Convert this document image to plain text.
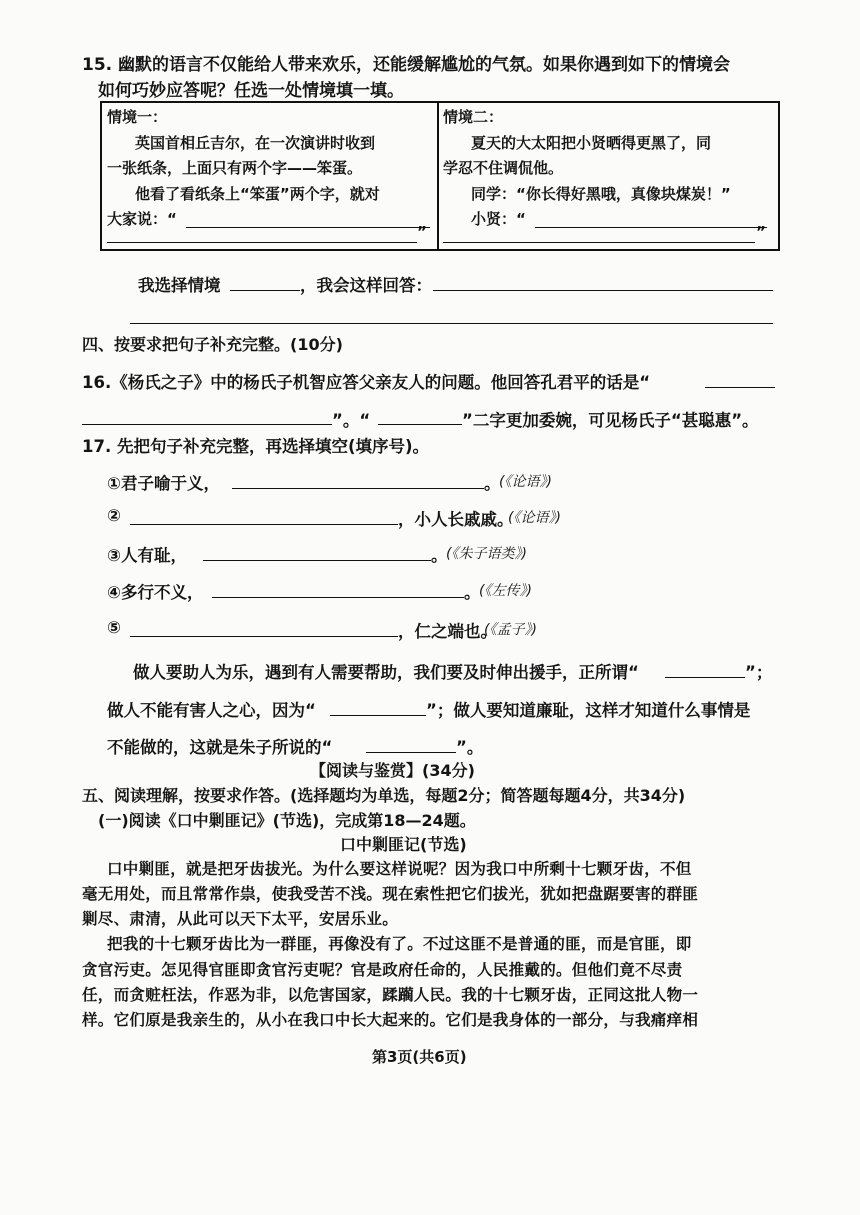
15. 幽默的语言不仅能给人带来欢乐，还能缓解尴尬的气氛。如果你遇到如下的情境会
如何巧妙应答呢？任选一处情境填一填。
情境一：
英国首相丘吉尔，在一次演讲时收到
一张纸条，上面只有两个字——笨蛋。
他看了看纸条上“笨蛋”两个字，就对
大家说：“
”
情境二：
夏天的大太阳把小贤晒得更黑了，同
学忍不住调侃他。
同学：“你长得好黑哦，真像块煤炭！”
小贤：“
”
我选择情境	，我会这样回答：
四、按要求把句子补充完整。(10分)
16.《杨氏之子》中的杨氏子机智应答父亲友人的问题。他回答孔君平的话是“
”。“	”二字更加委婉，可见杨氏子“甚聪惠”。
17. 先把句子补充完整，再选择填空(填序号)。
①君子喻于义，	。
(《论语》)
②	，小人长戚戚。
(《论语》)
③人有耻，	。
(《朱子语类》)
④多行不义，	。
(《左传》)
⑤	，仁之端也。
(《孟子》)
做人要助人为乐，遇到有人需要帮助，我们要及时伸出援手，正所谓“	”；
做人不能有害人之心，因为“	”；做人要知道廉耻，这样才知道什么事情是
不能做的，这就是朱子所说的“	”。
【阅读与鉴赏】(34分)
五、阅读理解，按要求作答。(选择题均为单选，每题2分；简答题每题4分，共34分)
(一)阅读《口中剿匪记》(节选)，完成第18—24题。
口中剿匪记(节选)
口中剿匪，就是把牙齿拔光。为什么要这样说呢？因为我口中所剩十七颗牙齿，不但
毫无用处，而且常常作祟，使我受苦不浅。现在索性把它们拔光，犹如把盘踞要害的群匪
剿尽、肃清，从此可以天下太平，安居乐业。
把我的十七颗牙齿比为一群匪，再像没有了。不过这匪不是普通的匪，而是官匪，即
贪官污吏。怎见得官匪即贪官污吏呢？官是政府任命的，人民推戴的。但他们竟不尽责
任，而贪赃枉法，作恶为非，以危害国家，蹂躏人民。我的十七颗牙齿，正同这批人物一
样。它们原是我亲生的，从小在我口中长大起来的。它们是我身体的一部分，与我痛痒相
第3页(共6页)
